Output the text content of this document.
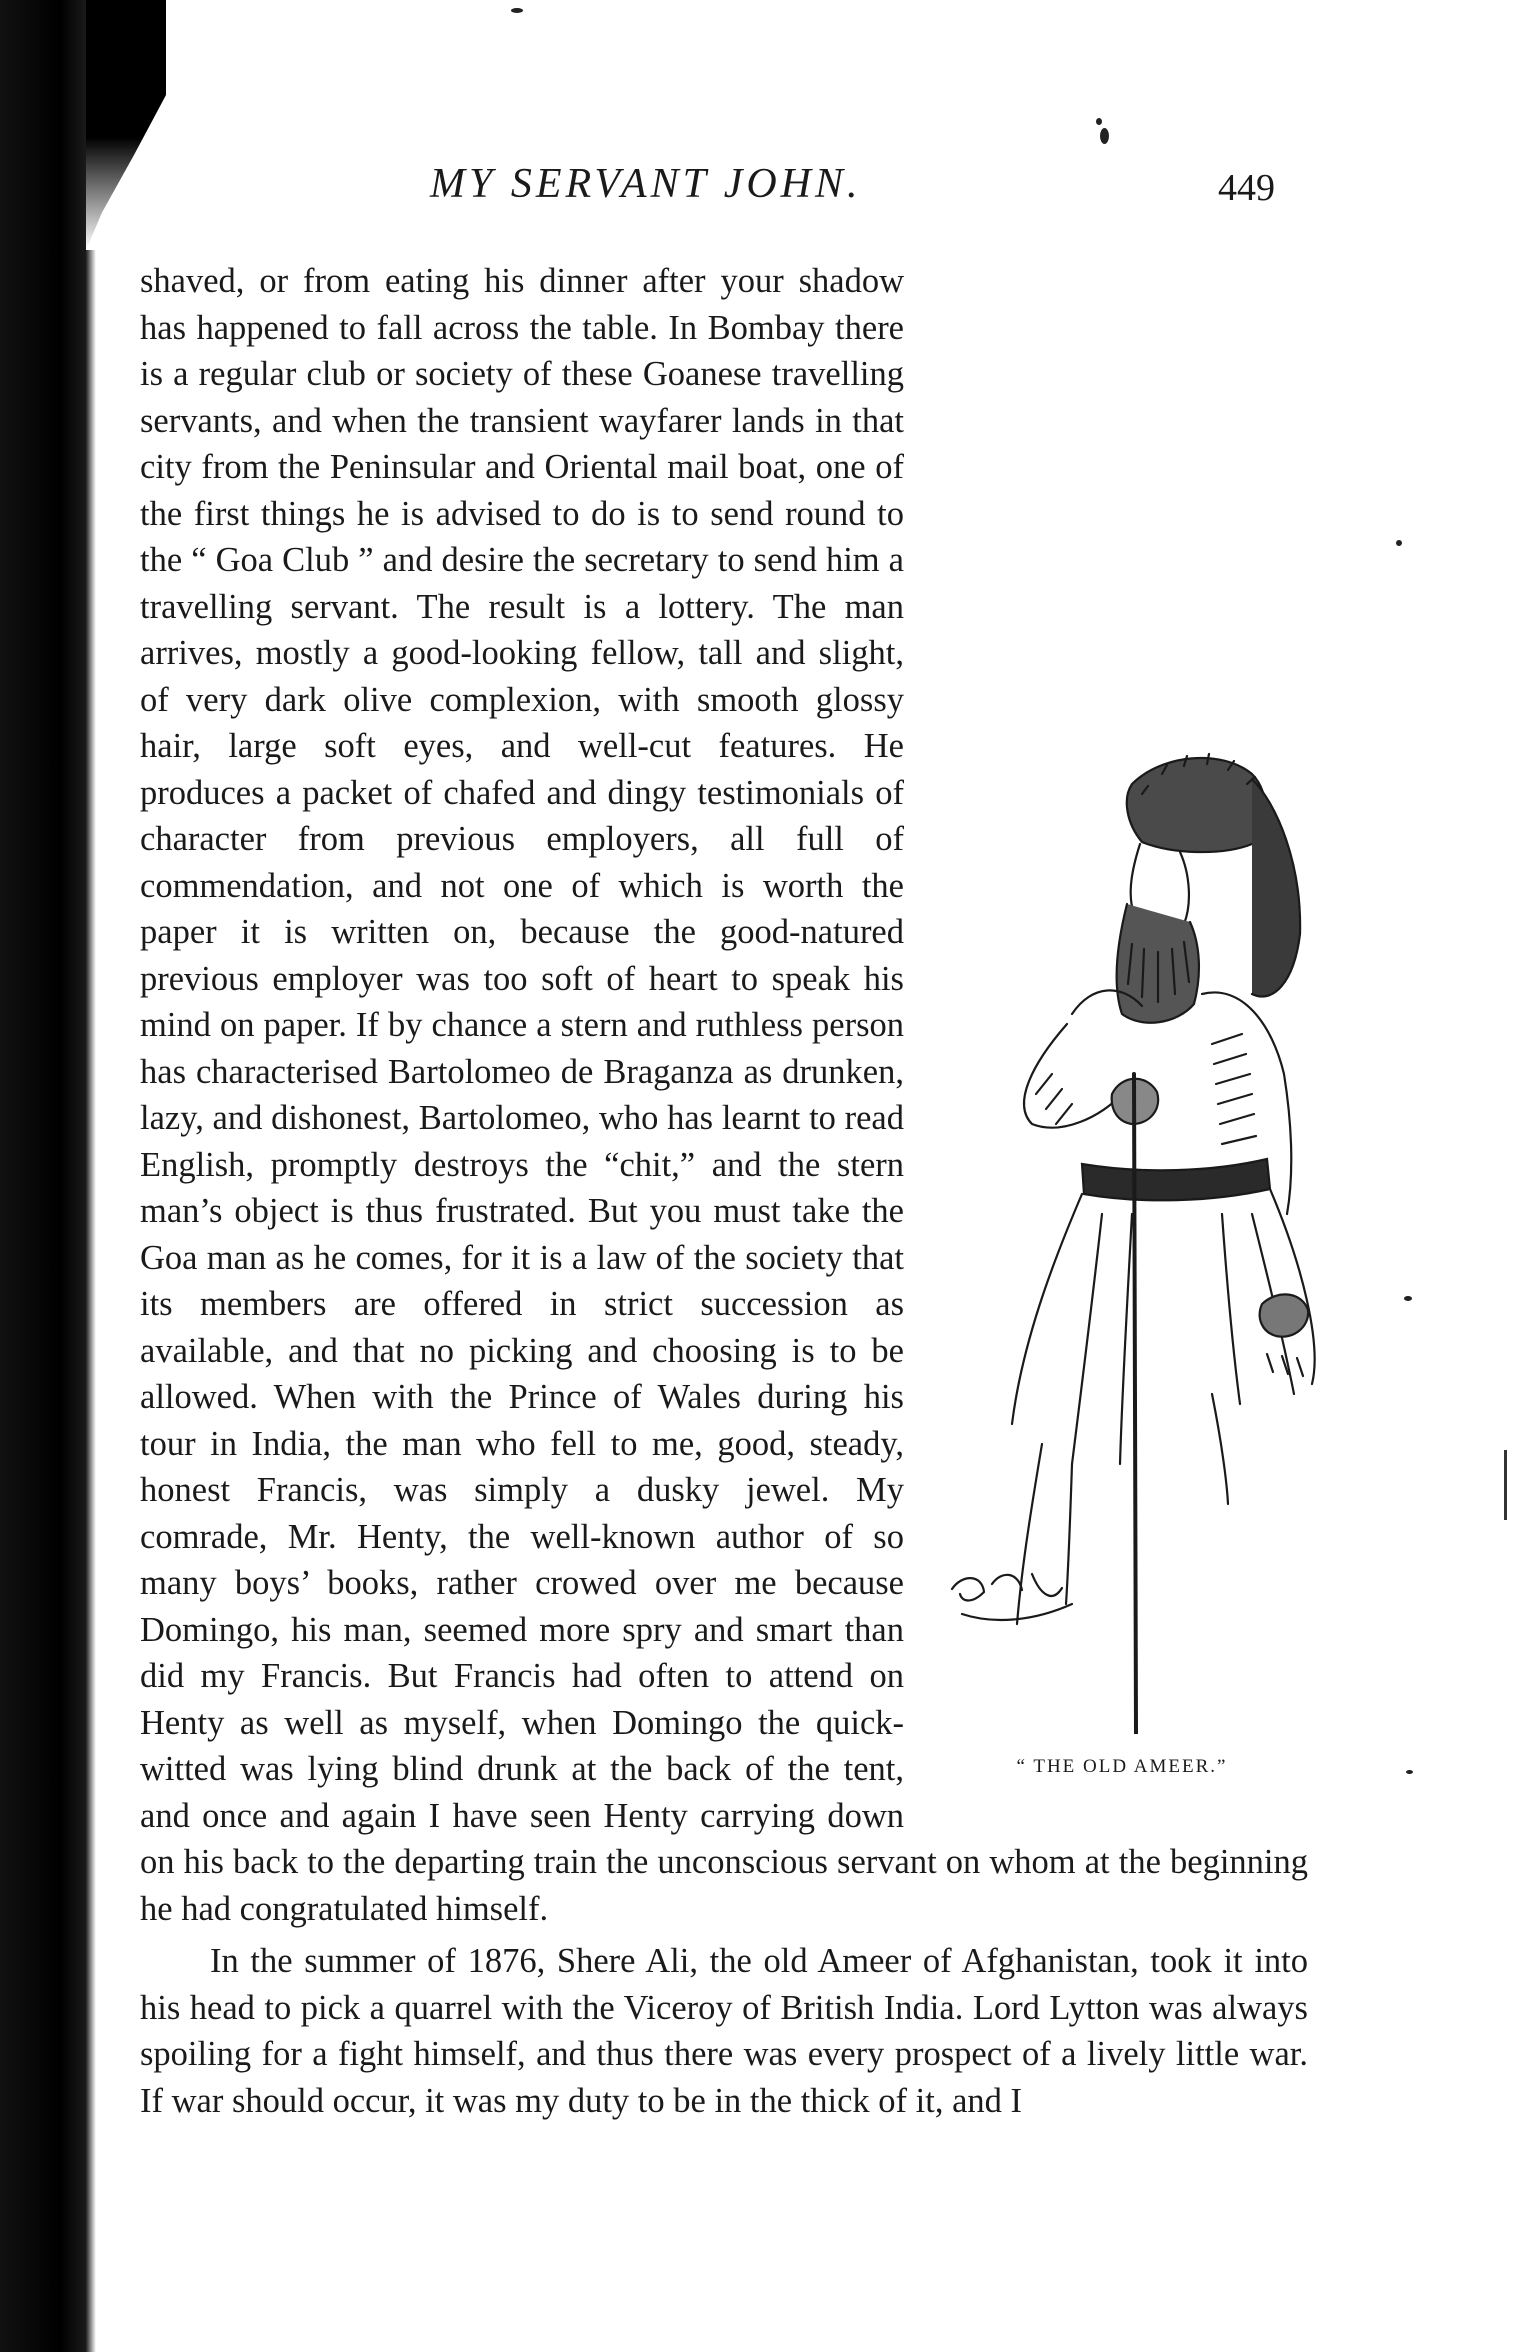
MY SERVANT JOHN.	449
“ THE OLD AMEER.”

shaved, or from eating his dinner after your shadow has happened to fall across the table. In Bombay there is a regular club or society of these Goanese travelling servants, and when the transient wayfarer lands in that city from the Peninsular and Oriental mail boat, one of the first things he is advised to do is to send round to the “ Goa Club ” and desire the secretary to send him a travelling servant. The result is a lottery. The man arrives, mostly a good-looking fellow, tall and slight, of very dark olive complexion, with smooth glossy hair, large soft eyes, and well-cut features. He produces a packet of chafed and dingy testimonials of character from previous employers, all full of commendation, and not one of which is worth the paper it is written on, because the good-natured previous employer was too soft of heart to speak his mind on paper. If by chance a stern and ruthless person has characterised Bartolomeo de Braganza as drunken, lazy, and dishonest, Bartolomeo, who has learnt to read English, promptly destroys the “chit,” and the stern man’s object is thus frustrated. But you must take the Goa man as he comes, for it is a law of the society that its members are offered in strict succession as available, and that no picking and choosing is to be allowed. When with the Prince of Wales during his tour in India, the man who fell to me, good, steady, honest Francis, was simply a dusky jewel. My comrade, Mr. Henty, the well-known author of so many boys’ books, rather crowed over me because Domingo, his man, seemed more spry and smart than did my Francis. But Francis had often to attend on Henty as well as myself, when Domingo the quick-witted was lying blind drunk at the back of the tent, and once and again I have seen Henty carrying down on his back to the departing train the unconscious servant on whom at the beginning he had congratulated himself.

In the summer of 1876, Shere Ali, the old Ameer of Afghanistan, took it into his head to pick a quarrel with the Viceroy of British India. Lord Lytton was always spoiling for a fight himself, and thus there was every prospect of a lively little war. If war should occur, it was my duty to be in the thick of it, and I
